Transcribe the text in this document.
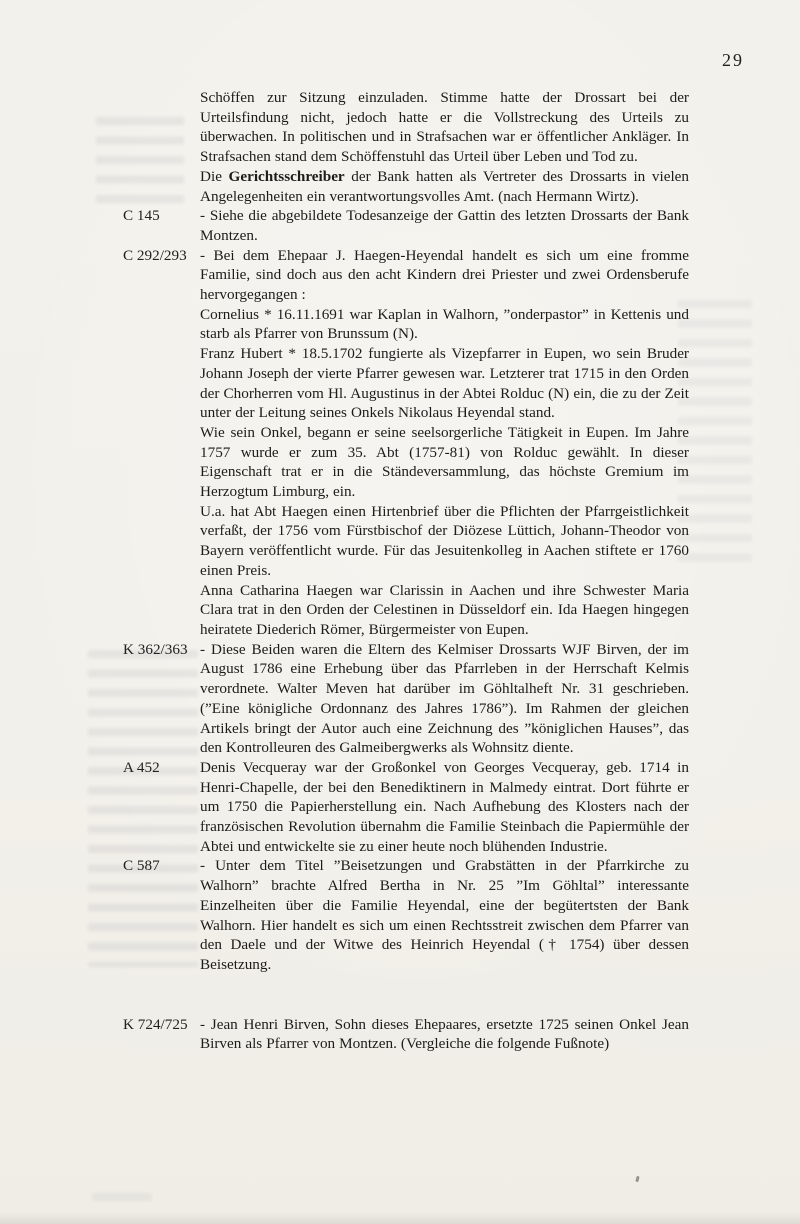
29

Schöffen zur Sitzung einzuladen. Stimme hatte der Drossart bei der Urteilsfindung nicht, jedoch hatte er die Vollstreckung des Urteils zu überwachen. In politischen und in Strafsachen war er öffentlicher Ankläger. In Strafsachen stand dem Schöffenstuhl das Urteil über Leben und Tod zu.

Die Gerichtsschreiber der Bank hatten als Vertreter des Drossarts in vielen Angelegenheiten ein verantwortungsvolles Amt. (nach Hermann Wirtz).

C 145	- Siehe die abgebildete Todesanzeige der Gattin des letzten Drossarts der Bank Montzen.

C 292/293 - Bei dem Ehepaar J. Haegen-Heyendal handelt es sich um eine fromme Familie, sind doch aus den acht Kindern drei Priester und zwei Ordensberufe hervorgegangen :

Cornelius * 16.11.1691 war Kaplan in Walhorn, ”onderpastor” in Kettenis und starb als Pfarrer von Brunssum (N).

Franz Hubert * 18.5.1702 fungierte als Vizepfarrer in Eupen, wo sein Bruder Johann Joseph der vierte Pfarrer gewesen war. Letzterer trat 1715 in den Orden der Chorherren vom Hl. Augustinus in der Abtei Rolduc (N) ein, die zu der Zeit unter der Leitung seines Onkels Nikolaus Heyendal stand.

Wie sein Onkel, begann er seine seelsorgerliche Tätigkeit in Eupen. Im Jahre 1757 wurde er zum 35. Abt (1757-81) von Rolduc gewählt. In dieser Eigenschaft trat er in die Ständeversammlung, das höchste Gremium im Herzogtum Limburg, ein.

U.a. hat Abt Haegen einen Hirtenbrief über die Pflichten der Pfarrgeistlichkeit verfaßt, der 1756 vom Fürstbischof der Diözese Lüttich, Johann-Theodor von Bayern veröffentlicht wurde. Für das Jesuitenkolleg in Aachen stiftete er 1760 einen Preis.

Anna Catharina Haegen war Clarissin in Aachen und ihre Schwester Maria Clara trat in den Orden der Celestinen in Düsseldorf ein. Ida Haegen hingegen heiratete Diederich Römer, Bürgermeister von Eupen.

K 362/363 - Diese Beiden waren die Eltern des Kelmiser Drossarts WJF Birven, der im August 1786 eine Erhebung über das Pfarrleben in der Herrschaft Kelmis verordnete. Walter Meven hat darüber im Göhltalheft Nr. 31 geschrieben. (”Eine königliche Ordonnanz des Jahres 1786”). Im Rahmen der gleichen Artikels bringt der Autor auch eine Zeichnung des ”königlichen Hauses”, das den Kontrolleuren des Galmeibergwerks als Wohnsitz diente.

A 452	Denis Vecqueray war der Großonkel von Georges Vecqueray, geb. 1714 in Henri-Chapelle, der bei den Benediktinern in Malmedy eintrat. Dort führte er um 1750 die Papierherstellung ein. Nach Aufhebung des Klosters nach der französischen Revolution übernahm die Familie Steinbach die Papiermühle der Abtei und entwickelte sie zu einer heute noch blühenden Industrie.

C 587	- Unter dem Titel ”Beisetzungen und Grabstätten in der Pfarrkirche zu Walhorn” brachte Alfred Bertha in Nr. 25 ”Im Göhltal” interessante Einzelheiten über die Familie Heyendal, eine der begütertsten der Bank Walhorn. Hier handelt es sich um einen Rechtsstreit zwischen dem Pfarrer van den Daele und der Witwe des Heinrich Heyendal († 1754) über dessen Beisetzung.

K 724/725 - Jean Henri Birven, Sohn dieses Ehepaares, ersetzte 1725 seinen Onkel Jean Birven als Pfarrer von Montzen. (Vergleiche die folgende Fußnote)
